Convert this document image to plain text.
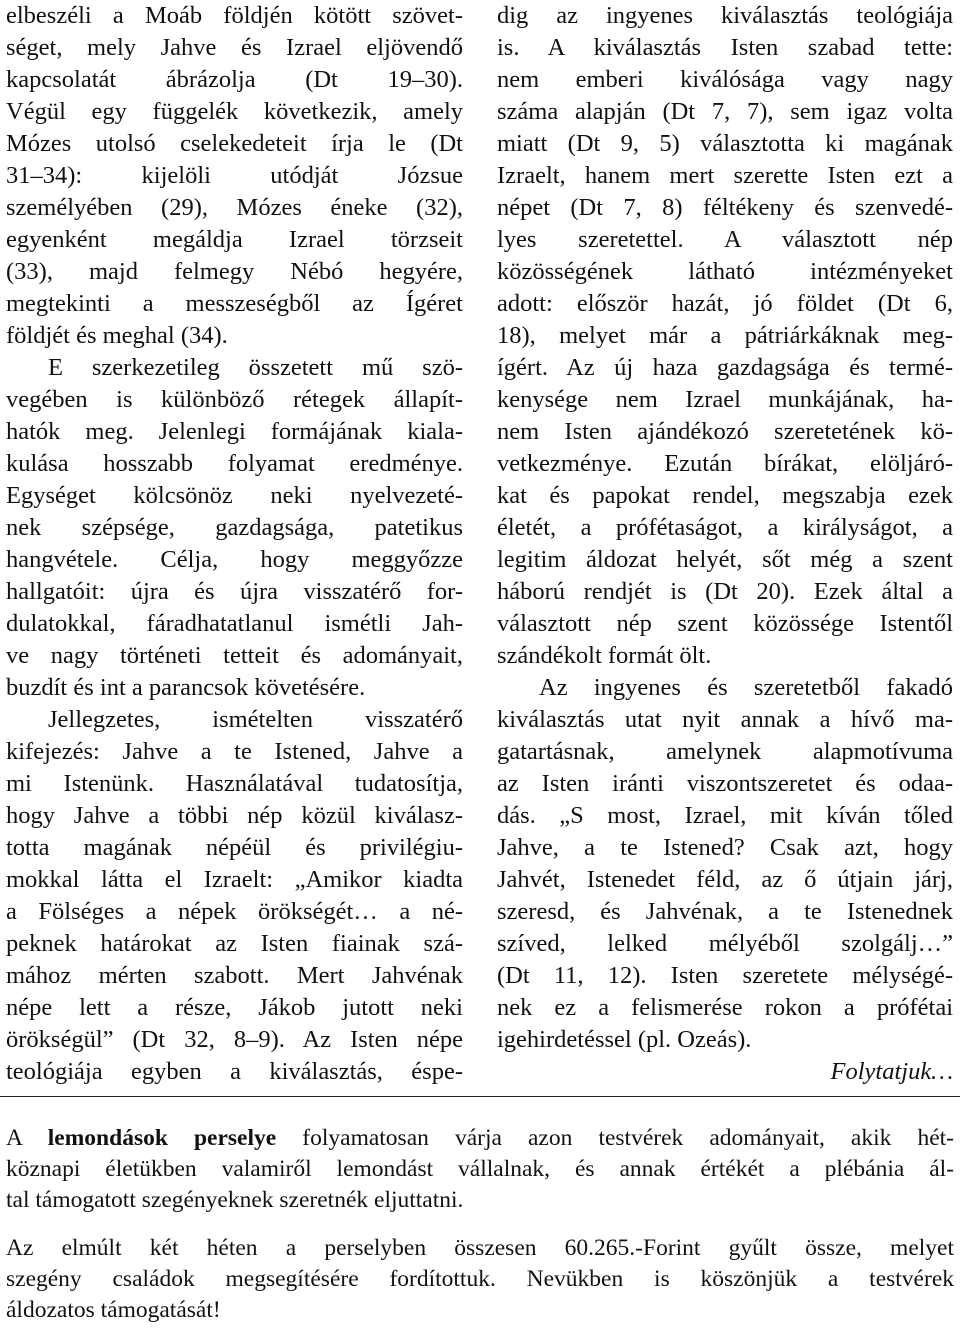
elbeszéli a Moáb földjén kötött szövet-
séget, mely Jahve és Izrael eljövendő
kapcsolatát ábrázolja (Dt 19–30).
Végül egy függelék következik, amely
Mózes utolsó cselekedeteit írja le (Dt
31–34): kijelöli utódját Józsue
személyében (29), Mózes éneke (32),
egyenként megáldja Izrael törzseit
(33), majd felmegy Nébó hegyére,
megtekinti a messzeségből az Ígéret
földjét és meghal (34).
E szerkezetileg összetett mű szö-
vegében is különböző rétegek állapít-
hatók meg. Jelenlegi formájának kiala-
kulása hosszabb folyamat eredménye.
Egységet kölcsönöz neki nyelvezeté-
nek szépsége, gazdagsága, patetikus
hangvétele. Célja, hogy meggyőzze
hallgatóit: újra és újra visszatérő for-
dulatokkal, fáradhatatlanul ismétli Jah-
ve nagy történeti tetteit és adományait,
buzdít és int a parancsok követésére.
Jellegzetes, ismételten visszatérő
kifejezés: Jahve a te Istened, Jahve a
mi Istenünk. Használatával tudatosítja,
hogy Jahve a többi nép közül kiválasz-
totta magának népéül és privilégiu-
mokkal látta el Izraelt: „Amikor kiadta
a Fölséges a népek örökségét… a né-
peknek határokat az Isten fiainak szá-
mához mérten szabott. Mert Jahvénak
népe lett a része, Jákob jutott neki
örökségül” (Dt 32, 8–9). Az Isten népe
teológiája egyben a kiválasztás, éspe-
dig az ingyenes kiválasztás teológiája
is. A kiválasztás Isten szabad tette:
nem emberi kiválósága vagy nagy
száma alapján (Dt 7, 7), sem igaz volta
miatt (Dt 9, 5) választotta ki magának
Izraelt, hanem mert szerette Isten ezt a
népet (Dt 7, 8) féltékeny és szenvedé-
lyes szeretettel. A választott nép
közösségének látható intézményeket
adott: először hazát, jó földet (Dt 6,
18), melyet már a pátriárkáknak meg-
ígért. Az új haza gazdagsága és termé-
kenysége nem Izrael munkájának, ha-
nem Isten ajándékozó szeretetének kö-
vetkezménye. Ezután bírákat, elöljáró-
kat és papokat rendel, megszabja ezek
életét, a prófétaságot, a királyságot, a
legitim áldozat helyét, sőt még a szent
háború rendjét is (Dt 20). Ezek által a
választott nép szent közössége Istentől
szándékolt formát ölt.
Az ingyenes és szeretetből fakadó
kiválasztás utat nyit annak a hívő ma-
gatartásnak, amelynek alapmotívuma
az Isten iránti viszontszeretet és odaa-
dás. „S most, Izrael, mit kíván tőled
Jahve, a te Istened? Csak azt, hogy
Jahvét, Istenedet féld, az ő útjain járj,
szeresd, és Jahvénak, a te Istenednek
szíved, lelked mélyéből szolgálj…”
(Dt 11, 12). Isten szeretete mélységé-
nek ez a felismerése rokon a prófétai
igehirdetéssel (pl. Ozeás).
Folytatjuk…
A lemondások perselye folyamatosan várja azon testvérek adományait, akik hét-
köznapi életükben valamiről lemondást vállalnak, és annak értékét a plébánia ál-
tal támogatott szegényeknek szeretnék eljuttatni.
Az elmúlt két héten a perselyben összesen 60.265.-Forint gyűlt össze, melyet
szegény családok megsegítésére fordítottuk. Nevükben is köszönjük a testvérek
áldozatos támogatását!
